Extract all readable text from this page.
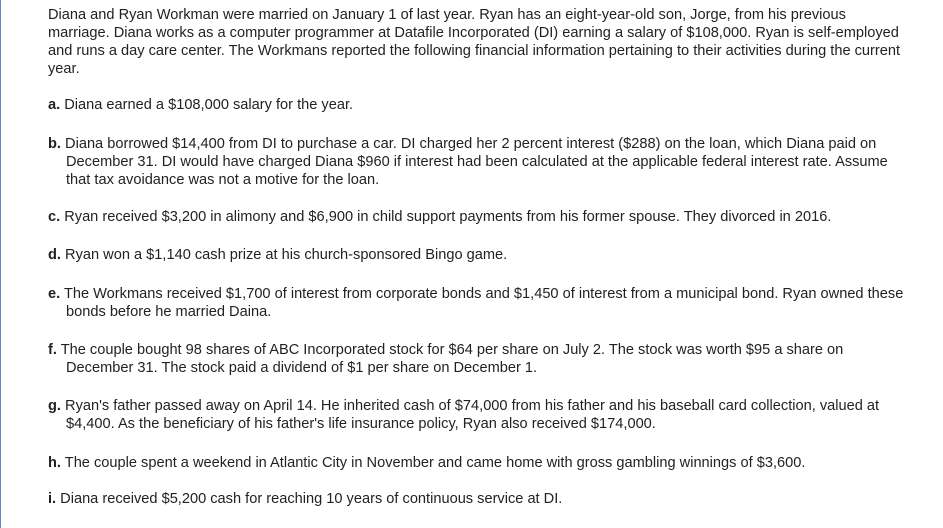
Diana and Ryan Workman were married on January 1 of last year. Ryan has an eight-year-old son, Jorge, from his previous marriage. Diana works as a computer programmer at Datafile Incorporated (DI) earning a salary of $108,000. Ryan is self-employed and runs a day care center. The Workmans reported the following financial information pertaining to their activities during the current year.

a. Diana earned a $108,000 salary for the year.

b. Diana borrowed $14,400 from DI to purchase a car. DI charged her 2 percent interest ($288) on the loan, which Diana paid on December 31. DI would have charged Diana $960 if interest had been calculated at the applicable federal interest rate. Assume that tax avoidance was not a motive for the loan.

c. Ryan received $3,200 in alimony and $6,900 in child support payments from his former spouse. They divorced in 2016.

d. Ryan won a $1,140 cash prize at his church-sponsored Bingo game.

e. The Workmans received $1,700 of interest from corporate bonds and $1,450 of interest from a municipal bond. Ryan owned these bonds before he married Daina.

f. The couple bought 98 shares of ABC Incorporated stock for $64 per share on July 2. The stock was worth $95 a share on December 31. The stock paid a dividend of $1 per share on December 1.

g. Ryan's father passed away on April 14. He inherited cash of $74,000 from his father and his baseball card collection, valued at $4,400. As the beneficiary of his father's life insurance policy, Ryan also received $174,000.

h. The couple spent a weekend in Atlantic City in November and came home with gross gambling winnings of $3,600.

i. Diana received $5,200 cash for reaching 10 years of continuous service at DI.
